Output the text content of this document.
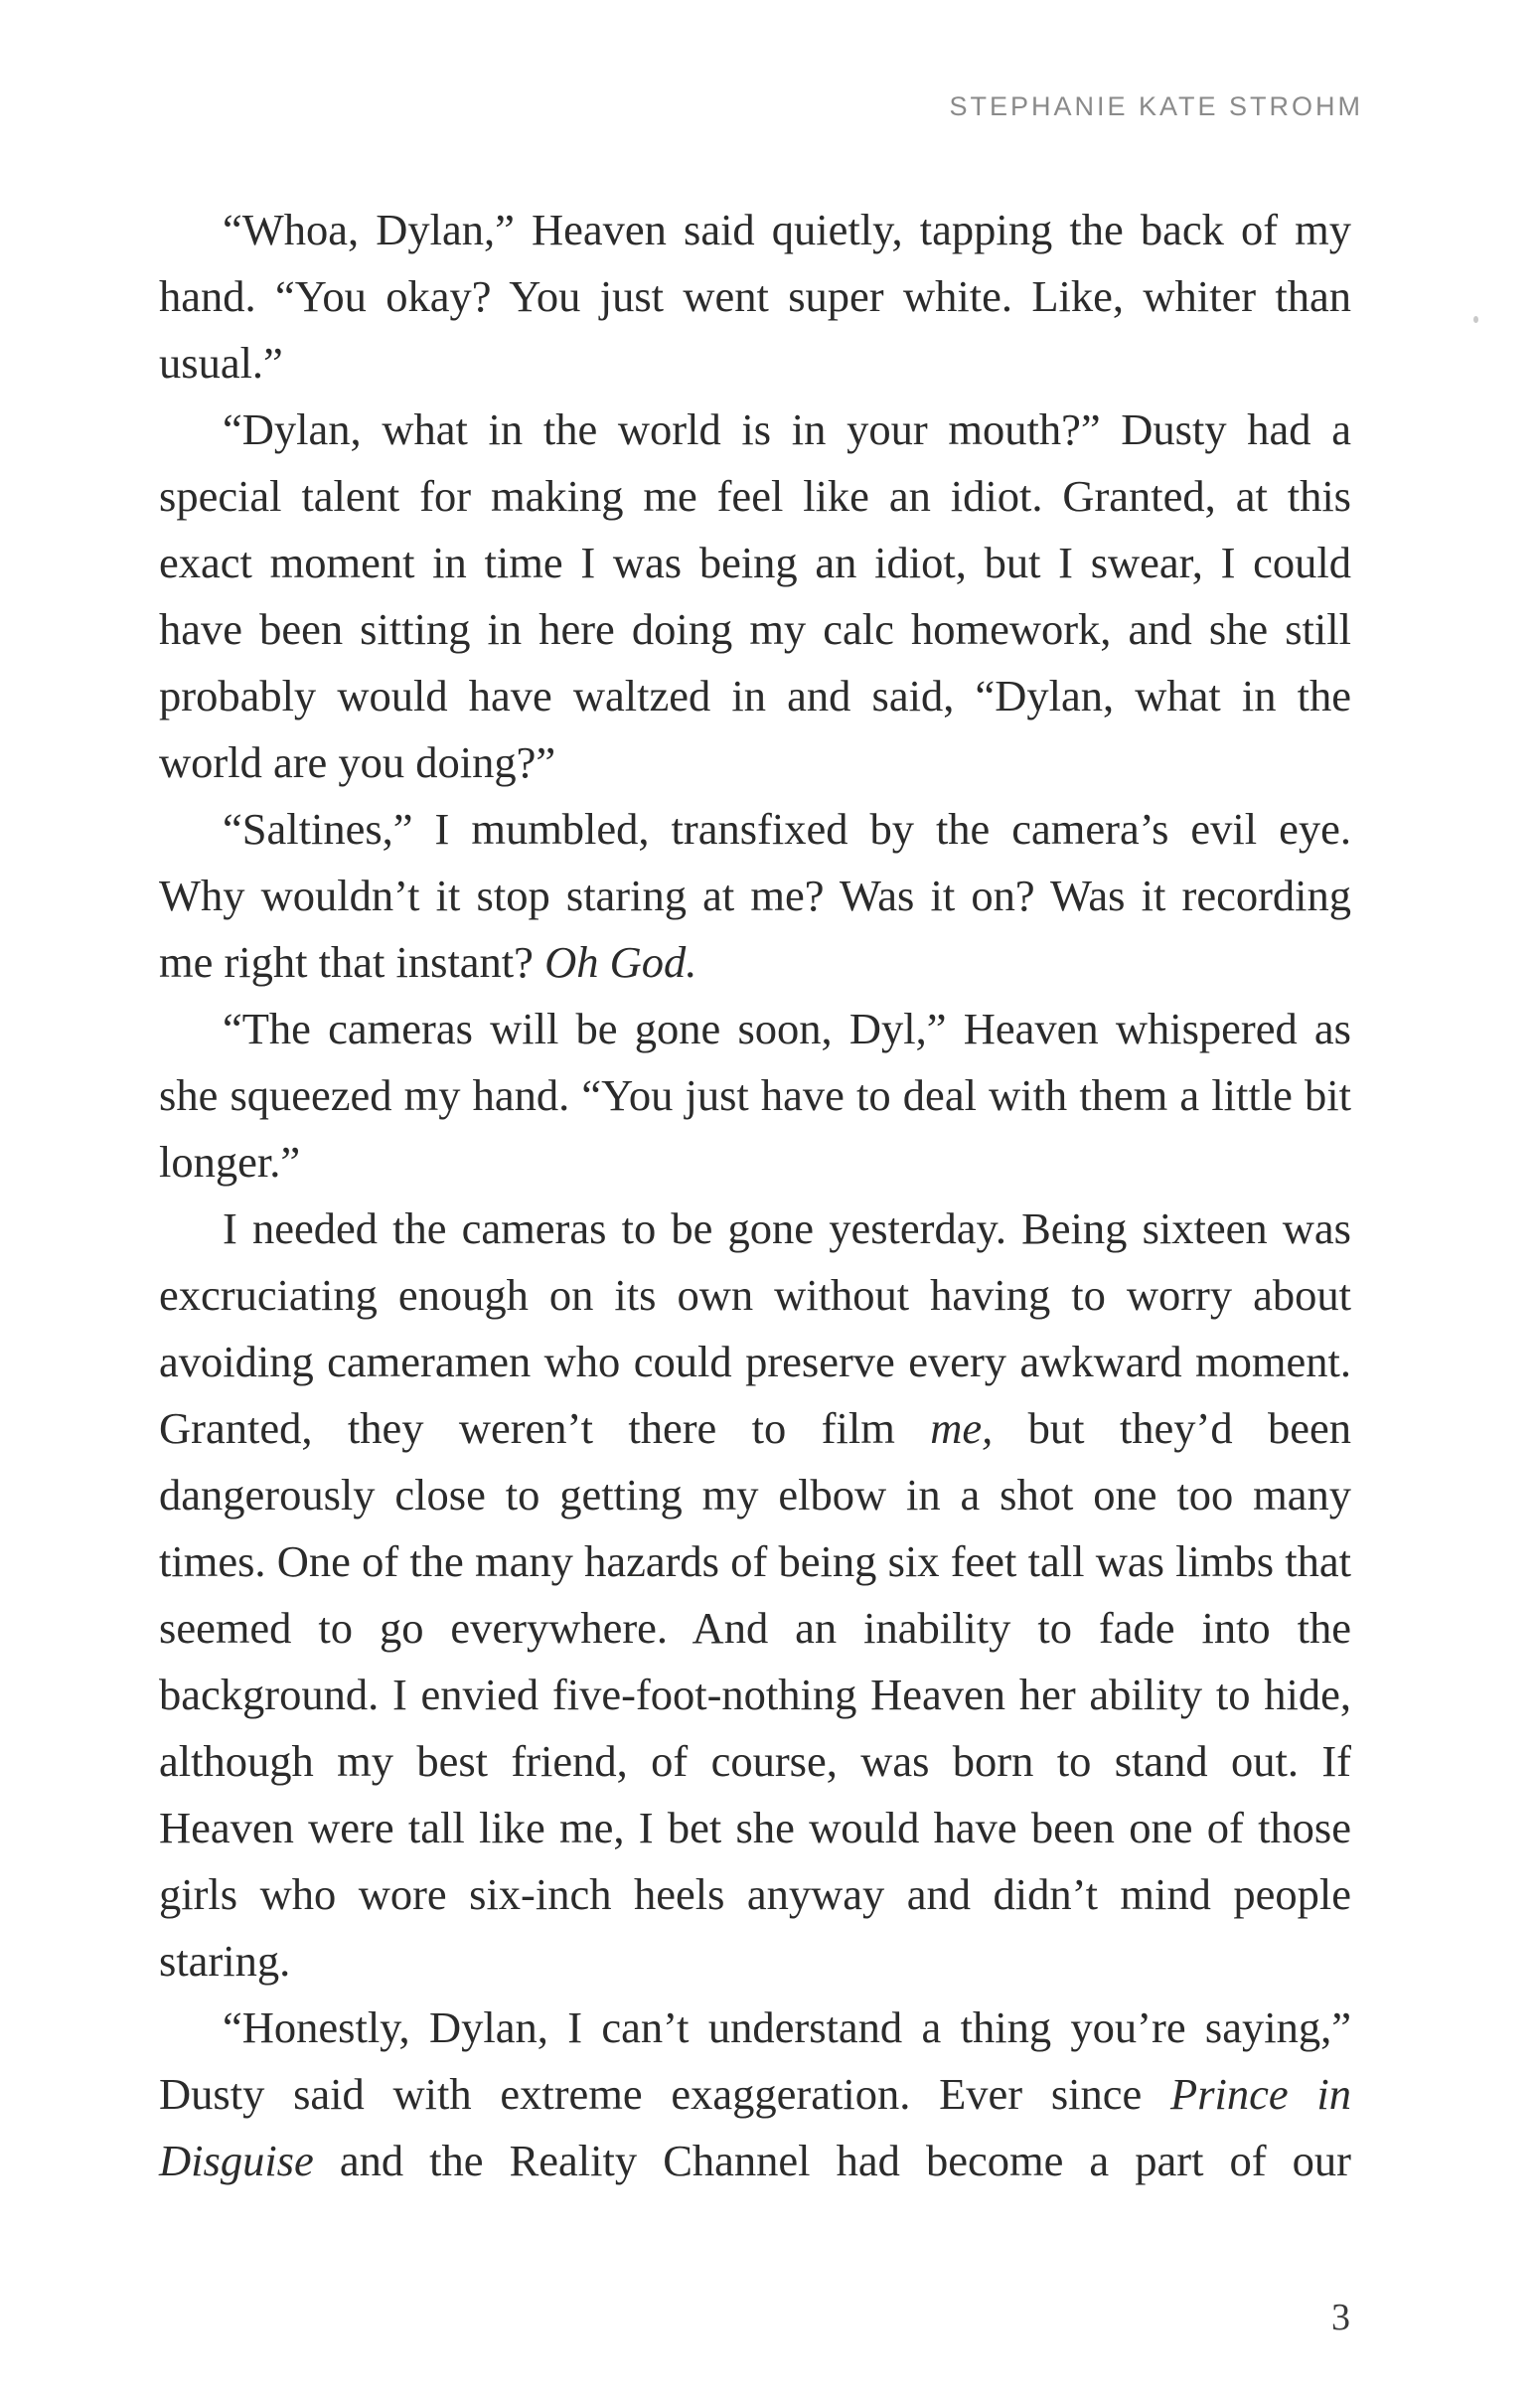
STEPHANIE KATE STROHM

“Whoa, Dylan,” Heaven said quietly, tapping the back of my hand. “You okay? You just went super white. Like, whiter than usual.”

“Dylan, what in the world is in your mouth?” Dusty had a special talent for making me feel like an idiot. Granted, at this exact moment in time I was being an idiot, but I swear, I could have been sitting in here doing my calc homework, and she still probably would have waltzed in and said, “Dylan, what in the world are you doing?”

“Saltines,” I mumbled, transfixed by the camera’s evil eye. Why wouldn’t it stop staring at me? Was it on? Was it recording me right that instant? Oh God.

“The cameras will be gone soon, Dyl,” Heaven whispered as she squeezed my hand. “You just have to deal with them a little bit longer.”

I needed the cameras to be gone yesterday. Being sixteen was excruciating enough on its own without having to worry about avoiding cameramen who could preserve every awkward moment. Granted, they weren’t there to film me, but they’d been dangerously close to getting my elbow in a shot one too many times. One of the many hazards of being six feet tall was limbs that seemed to go everywhere. And an inability to fade into the background. I envied five-foot-nothing Heaven her ability to hide, although my best friend, of course, was born to stand out. If Heaven were tall like me, I bet she would have been one of those girls who wore six-inch heels anyway and didn’t mind people staring.

“Honestly, Dylan, I can’t understand a thing you’re saying,” Dusty said with extreme exaggeration. Ever since Prince in Disguise and the Reality Channel had become a part of our

3
